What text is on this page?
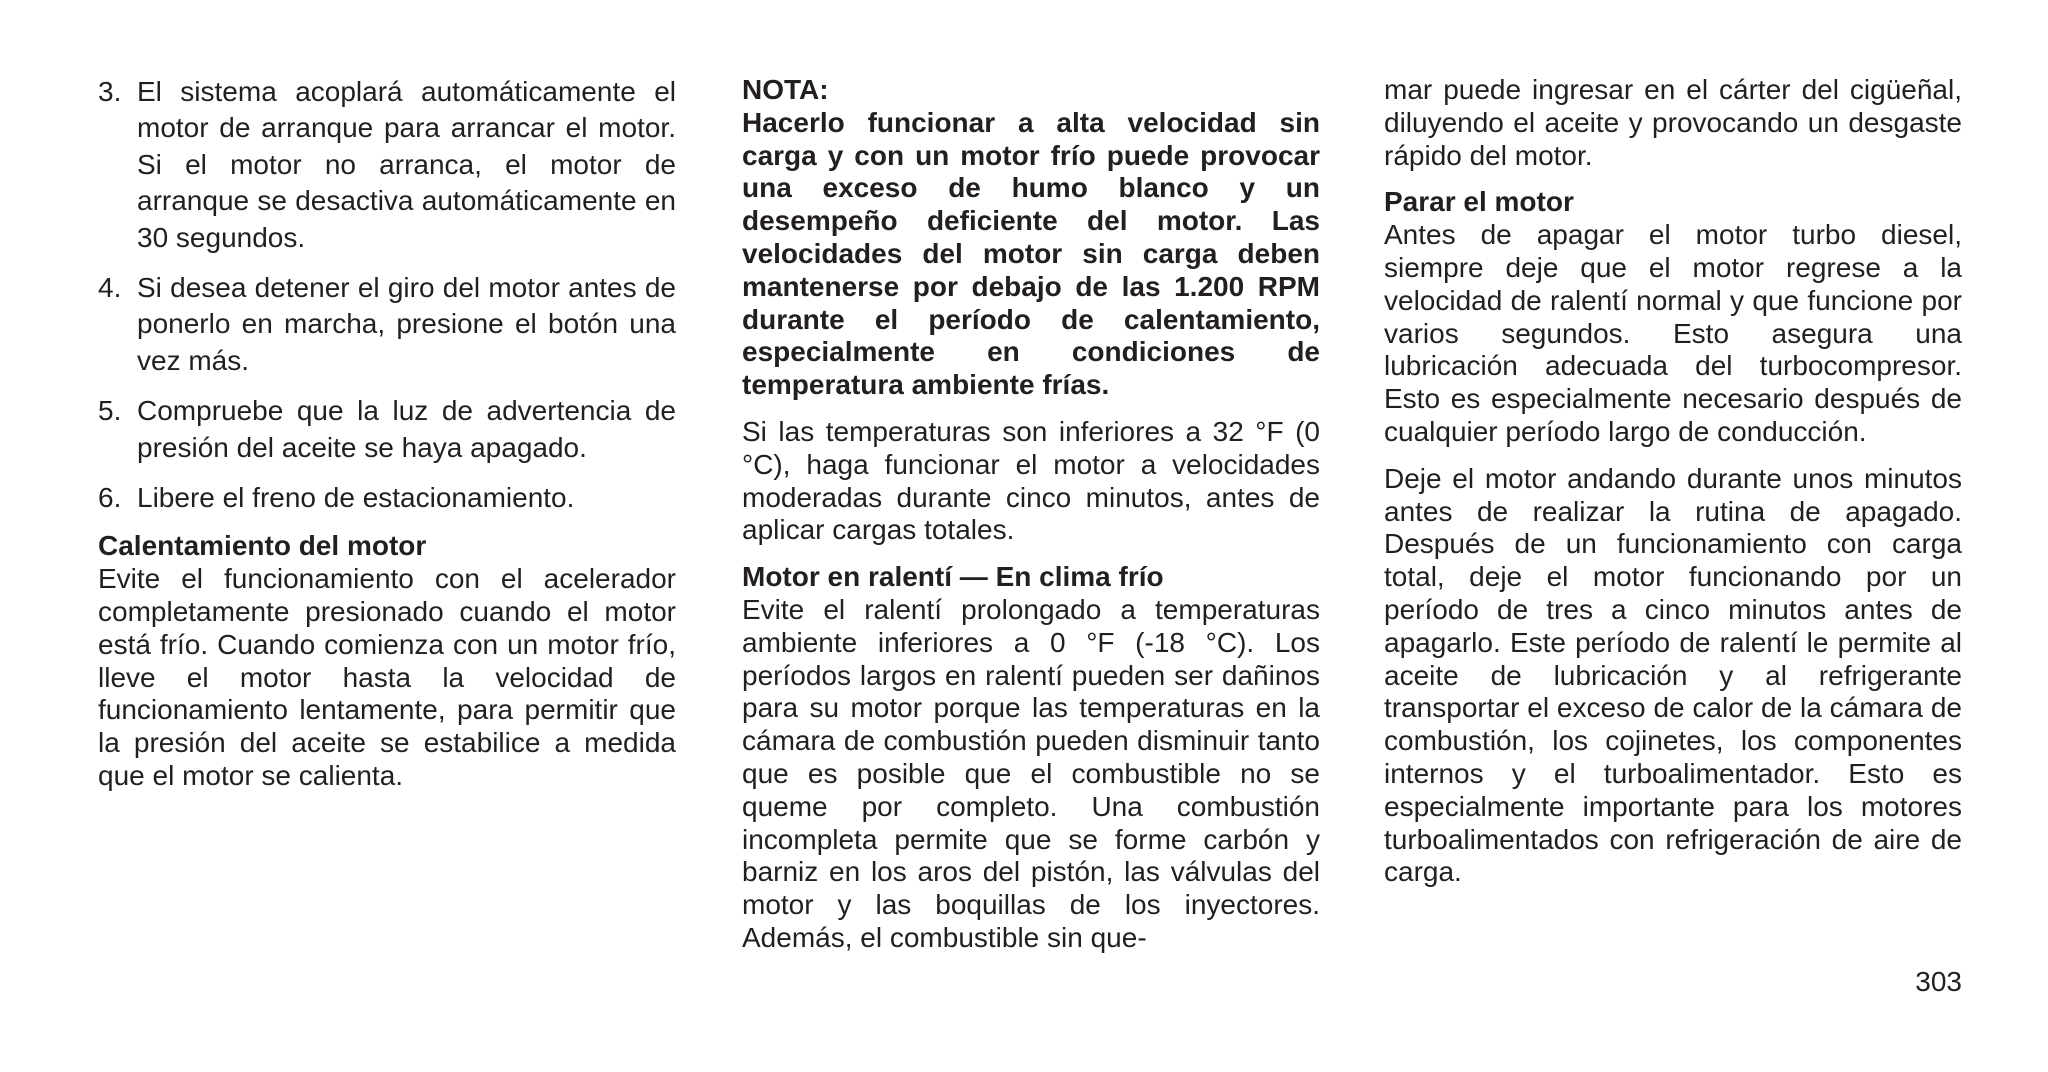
3. El sistema acoplará automáticamente el motor de arranque para arrancar el motor. Si el motor no arranca, el motor de arranque se desactiva automáticamente en 30 segundos.
4. Si desea detener el giro del motor antes de ponerlo en marcha, presione el botón una vez más.
5. Compruebe que la luz de advertencia de presión del aceite se haya apagado.
6. Libere el freno de estacionamiento.

Calentamiento del motor

Evite el funcionamiento con el acelerador completamente presionado cuando el motor está frío. Cuando comienza con un motor frío, lleve el motor hasta la velocidad de funcionamiento lentamente, para permitir que la presión del aceite se estabilice a medida que el motor se calienta.

NOTA:

Hacerlo funcionar a alta velocidad sin carga y con un motor frío puede provocar una exceso de humo blanco y un desempeño deficiente del motor. Las velocidades del motor sin carga deben mantenerse por debajo de las 1.200 RPM durante el período de calentamiento, especialmente en condiciones de temperatura ambiente frías.

Si las temperaturas son inferiores a 32 °F (0 °C), haga funcionar el motor a velocidades moderadas durante cinco minutos, antes de aplicar cargas totales.

Motor en ralentí — En clima frío

Evite el ralentí prolongado a temperaturas ambiente inferiores a 0 °F (-18 °C). Los períodos largos en ralentí pueden ser dañinos para su motor porque las temperaturas en la cámara de combustión pueden disminuir tanto que es posible que el combustible no se queme por completo. Una combustión incompleta permite que se forme carbón y barniz en los aros del pistón, las válvulas del motor y las boquillas de los inyectores. Además, el combustible sin que-

mar puede ingresar en el cárter del cigüeñal, diluyendo el aceite y provocando un desgaste rápido del motor.

Parar el motor

Antes de apagar el motor turbo diesel, siempre deje que el motor regrese a la velocidad de ralentí normal y que funcione por varios segundos. Esto asegura una lubricación adecuada del turbocompresor. Esto es especialmente necesario después de cualquier período largo de conducción.

Deje el motor andando durante unos minutos antes de realizar la rutina de apagado. Después de un funcionamiento con carga total, deje el motor funcionando por un período de tres a cinco minutos antes de apagarlo. Este período de ralentí le permite al aceite de lubricación y al refrigerante transportar el exceso de calor de la cámara de combustión, los cojinetes, los componentes internos y el turboalimentador. Esto es especialmente importante para los motores turboalimentados con refrigeración de aire de carga.

303
